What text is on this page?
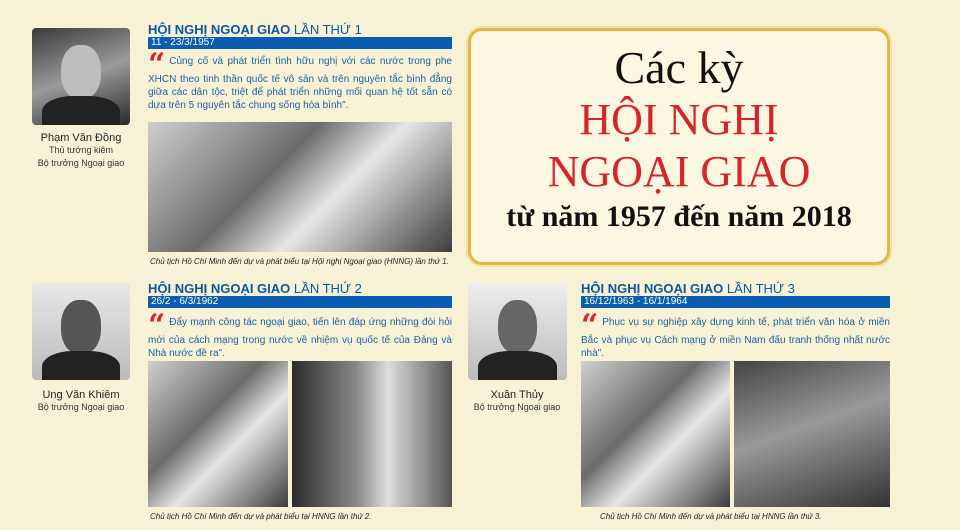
Các kỳ
HỘI NGHỊ
NGOẠI GIAO
từ năm 1957 đến năm 2018
Phạm Văn Đồng
Thủ tướng kiêm
Bộ trưởng Ngoại giao
HỘI NGHỊ NGOẠI GIAO LẦN THỨ 1
11 - 23/3/1957
“ Củng cố và phát triển tình hữu nghị với các nước trong phe XHCN theo tinh thần quốc tế vô sản và trên nguyên tắc bình đẳng giữa các dân tộc, triệt để phát triển những mối quan hệ tốt sẵn có dựa trên 5 nguyên tắc chung sống hòa bình".
Chủ tịch Hồ Chí Minh đến dự và phát biểu tại Hội nghị Ngoại giao (HNNG) lần thứ 1.
Ung Văn Khiêm
Bộ trưởng Ngoại giao
HỘI NGHỊ NGOẠI GIAO LẦN THỨ 2
26/2 - 6/3/1962
“ Đẩy mạnh công tác ngoại giao, tiến lên đáp ứng những đòi hỏi mới của cách mạng trong nước về nhiệm vụ quốc tế của Đảng và Nhà nước đề ra".
Chủ tịch Hồ Chí Minh đến dự và phát biểu tại HNNG lần thứ 2.
Xuân Thủy
Bộ trưởng Ngoại giao
HỘI NGHỊ NGOẠI GIAO LẦN THỨ 3
16/12/1963 - 16/1/1964
“ Phục vụ sự nghiệp xây dựng kinh tế, phát triển văn hóa ở miền Bắc và phục vụ Cách mạng ở miền Nam đấu tranh thống nhất nước nhà".
Chủ tịch Hồ Chí Minh đến dự và phát biểu tại HNNG lần thứ 3.
